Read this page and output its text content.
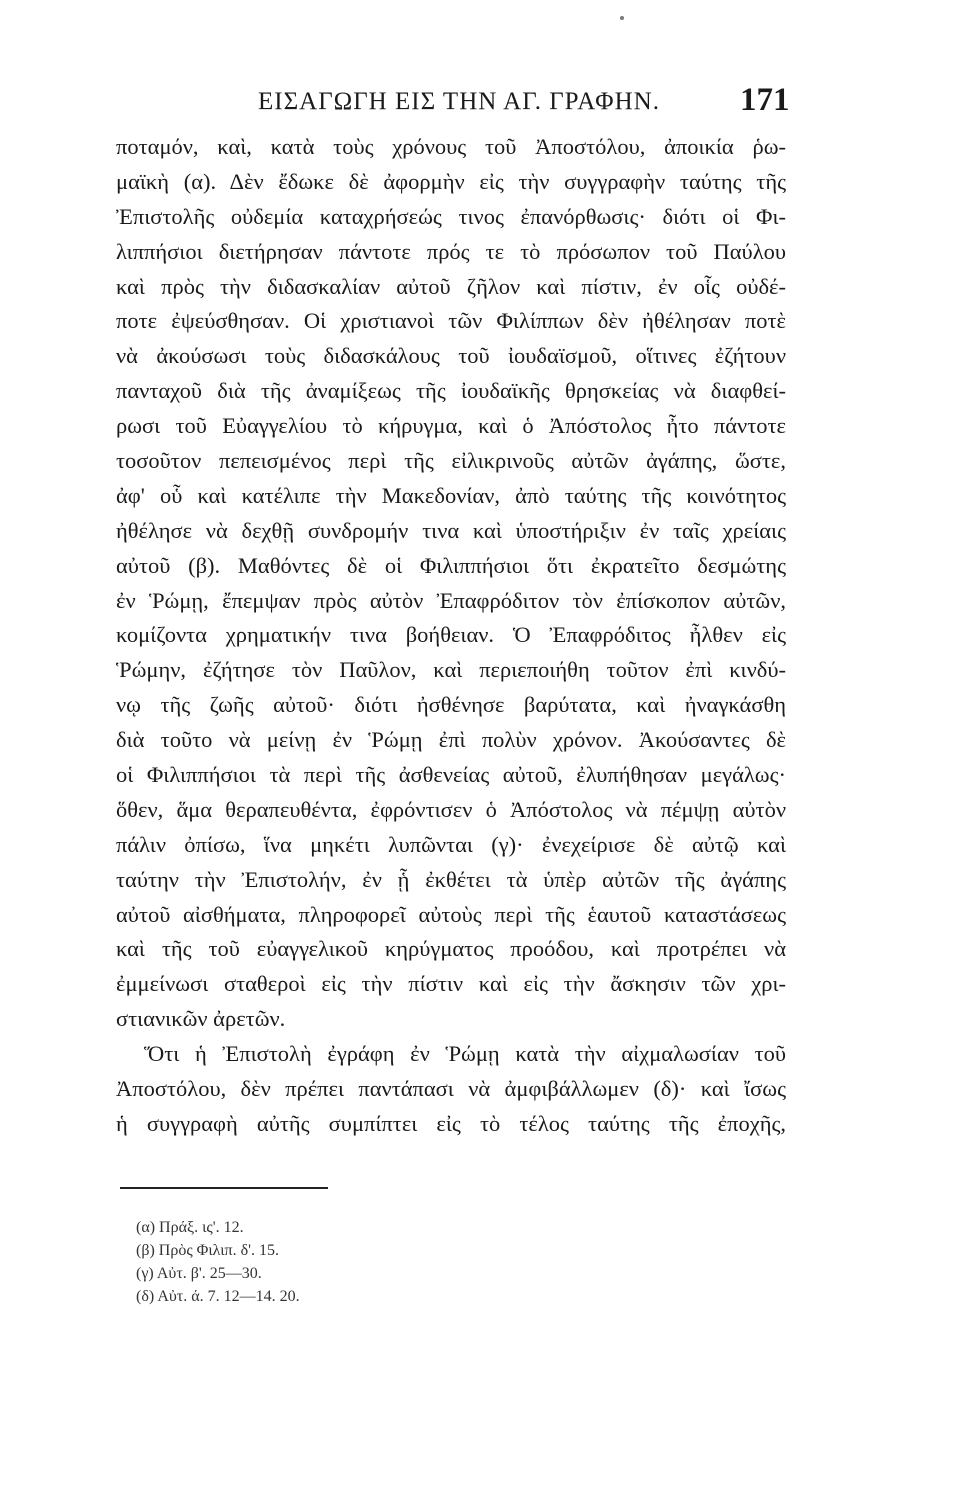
ΕΙΣΑΓΩΓΗ ΕΙΣ ΤΗΝ ΑΓ. ΓΡΑΦΗΝ. 171
ποταμόν, καὶ, κατὰ τοὺς χρόνους τοῦ Ἀποστόλου, ἀποικία ῥω-
μαϊκὴ (α). Δὲν ἔδωκε δὲ ἀφορμὴν εἰς τὴν συγγραφὴν ταύτης τῆς
Ἐπιστολῆς οὐδεμία καταχρήσεώς τινος ἐπανόρθωσις· διότι οἱ Φι-
λιππήσιοι διετήρησαν πάντοτε πρός τε τὸ πρόσωπον τοῦ Παύλου
καὶ πρὸς τὴν διδασκαλίαν αὐτοῦ ζῆλον καὶ πίστιν, ἐν οἷς οὐδέ-
ποτε ἐψεύσθησαν. Οἱ χριστιανοὶ τῶν Φιλίππων δὲν ἠθέλησαν ποτὲ
νὰ ἀκούσωσι τοὺς διδασκάλους τοῦ ἰουδαϊσμοῦ, οἵτινες ἐζήτουν
πανταχοῦ διὰ τῆς ἀναμίξεως τῆς ἰουδαϊκῆς θρησκείας νὰ διαφθεί-
ρωσι τοῦ Εὐαγγελίου τὸ κήρυγμα, καὶ ὁ Ἀπόστολος ἦτο πάντοτε
τοσοῦτον πεπεισμένος περὶ τῆς εἰλικρινοῦς αὐτῶν ἀγάπης, ὥστε,
ἀφ' οὗ καὶ κατέλιπε τὴν Μακεδονίαν, ἀπὸ ταύτης τῆς κοινότητος
ἠθέλησε νὰ δεχθῇ συνδρομήν τινα καὶ ὑποστήριξιν ἐν ταῖς χρείαις
αὐτοῦ (β). Μαθόντες δὲ οἱ Φιλιππήσιοι ὅτι ἐκρατεῖτο δεσμώτης
ἐν Ῥώμῃ, ἔπεμψαν πρὸς αὐτὸν Ἐπαφρόδιτον τὸν ἐπίσκοπον αὐτῶν,
κομίζοντα χρηματικήν τινα βοήθειαν. Ὁ Ἐπαφρόδιτος ἦλθεν εἰς
Ῥώμην, ἐζήτησε τὸν Παῦλον, καὶ περιεποιήθη τοῦτον ἐπὶ κινδύ-
νῳ τῆς ζωῆς αὐτοῦ· διότι ἠσθένησε βαρύτατα, καὶ ἠναγκάσθη
διὰ τοῦτο νὰ μείνῃ ἐν Ῥώμῃ ἐπὶ πολὺν χρόνον. Ἀκούσαντες δὲ
οἱ Φιλιππήσιοι τὰ περὶ τῆς ἀσθενείας αὐτοῦ, ἐλυπήθησαν μεγάλως·
ὅθεν, ἅμα θεραπευθέντα, ἐφρόντισεν ὁ Ἀπόστολος νὰ πέμψῃ αὐτὸν
πάλιν ὀπίσω, ἵνα μηκέτι λυπῶνται (γ)· ἐνεχείρισε δὲ αὐτῷ καὶ
ταύτην τὴν Ἐπιστολήν, ἐν ᾗ ἐκθέτει τὰ ὑπὲρ αὐτῶν τῆς ἀγάπης
αὐτοῦ αἰσθήματα, πληροφορεῖ αὐτοὺς περὶ τῆς ἑαυτοῦ καταστάσεως
καὶ τῆς τοῦ εὐαγγελικοῦ κηρύγματος προόδου, καὶ προτρέπει νὰ
ἐμμείνωσι σταθεροὶ εἰς τὴν πίστιν καὶ εἰς τὴν ἄσκησιν τῶν χρι-
στιανικῶν ἀρετῶν.
Ὅτι ἡ Ἐπιστολὴ ἐγράφη ἐν Ῥώμῃ κατὰ τὴν αἰχμαλωσίαν τοῦ
Ἀποστόλου, δὲν πρέπει παντάπασι νὰ ἀμφιβάλλωμεν (δ)· καὶ ἴσως
ἡ συγγραφὴ αὐτῆς συμπίπτει εἰς τὸ τέλος ταύτης τῆς ἐποχῆς,
(α) Πράξ. ις'. 12.
(β) Πρὸς Φιλιπ. δ'. 15.
(γ) Αὐτ. β'. 25—30.
(δ) Αὐτ. ά. 7. 12—14. 20.
